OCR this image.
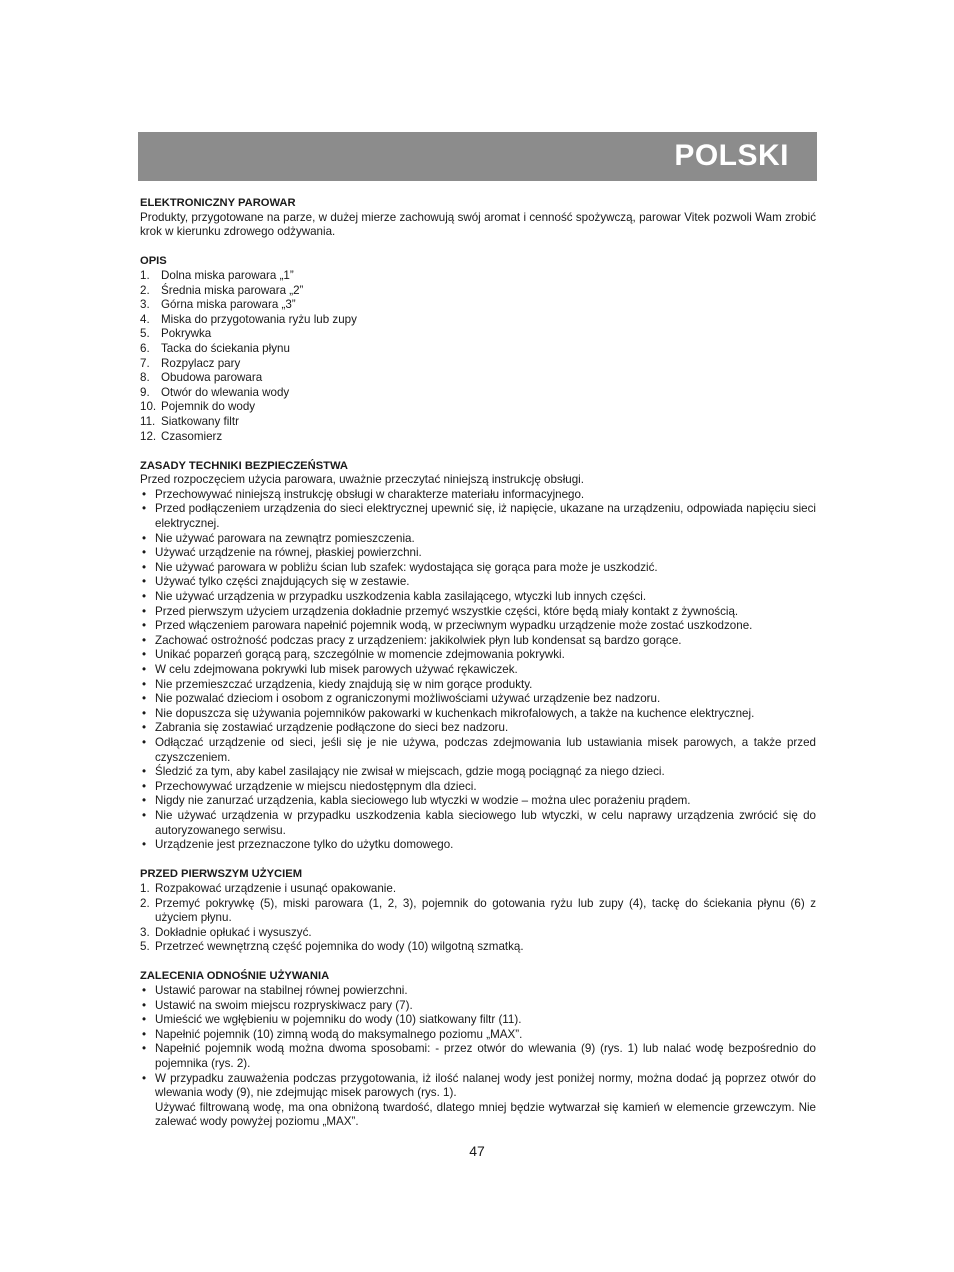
POLSKI
ELEKTRONICZNY PAROWAR

Produkty, przygotowane na parze, w dużej mierze zachowują swój aromat i cenność spożywczą, parowar Vitek pozwoli Wam zrobić krok w kierunku zdrowego odżywania.

OPIS
1. Dolna miska parowara „1”
2. Średnia miska parowara „2”
3. Górna miska parowara „3”
4. Miska do przygotowania ryżu lub zupy
5. Pokrywka
6. Tacka do ściekania płynu
7. Rozpylacz pary
8. Obudowa parowara
9. Otwór do wlewania wody
10. Pojemnik do wody
11. Siatkowany filtr
12. Czasomierz
ZASADY TECHNIKI BEZPIECZEŃSTWA

Przed rozpoczęciem użycia parowara, uważnie przeczytać niniejszą instrukcję obsługi.

• Przechowywać niniejszą instrukcję obsługi w charakterze materiału informacyjnego.
• Przed podłączeniem urządzenia do sieci elektrycznej upewnić się, iż napięcie, ukazane na urządzeniu, odpowiada napięciu sieci elektrycznej.
• Nie używać parowara na zewnątrz pomieszczenia.
• Używać urządzenie na równej, płaskiej powierzchni.
• Nie używać parowara w pobliżu ścian lub szafek: wydostająca się gorąca para może je uszkodzić.
• Używać tylko części znajdujących się w zestawie.
• Nie używać urządzenia w przypadku uszkodzenia kabla zasilającego, wtyczki lub innych części.
• Przed pierwszym użyciem urządzenia dokładnie przemyć wszystkie części, które będą miały kontakt z żywnością.
• Przed włączeniem parowara napełnić pojemnik wodą, w przeciwnym wypadku urządzenie może zostać uszkodzone.
• Zachować ostrożność podczas pracy z urządzeniem: jakikolwiek płyn lub kondensat są bardzo gorące.
• Unikać poparzeń gorącą parą, szczególnie w momencie zdejmowania pokrywki.
• W celu zdejmowana pokrywki lub misek parowych używać rękawiczek.
• Nie przemieszczać urządzenia, kiedy znajdują się w nim gorące produkty.
• Nie pozwalać dzieciom i osobom z ograniczonymi możliwościami używać urządzenie bez nadzoru.
• Nie dopuszcza się używania pojemników pakowarki w kuchenkach mikrofalowych, a także na kuchence elektrycznej.
• Zabrania się zostawiać urządzenie podłączone do sieci bez nadzoru.
• Odłączać urządzenie od sieci, jeśli się je nie używa, podczas zdejmowania lub ustawiania misek parowych, a także przed czyszczeniem.
• Śledzić za tym, aby kabel zasilający nie zwisał w miejscach, gdzie mogą pociągnąć za niego dzieci.
• Przechowywać urządzenie w miejscu niedostępnym dla dzieci.
• Nigdy nie zanurzać urządzenia, kabla sieciowego lub wtyczki w wodzie – można ulec porażeniu prądem.
• Nie używać urządzenia w przypadku uszkodzenia kabla sieciowego lub wtyczki, w celu naprawy urządzenia zwrócić się do autoryzowanego serwisu.
• Urządzenie jest przeznaczone tylko do użytku domowego.
PRZED PIERWSZYM UŻYCIEM
1. Rozpakować urządzenie i usunąć opakowanie.
2. Przemyć pokrywkę (5), miski parowara (1, 2, 3), pojemnik do gotowania ryżu lub zupy (4), tackę do ściekania płynu (6) z użyciem płynu.
3. Dokładnie opłukać i wysuszyć.
5. Przetrzeć wewnętrzną część pojemnika do wody (10) wilgotną szmatką.
ZALECENIA ODNOŚNIE UŻYWANIA
• Ustawić parowar na stabilnej równej powierzchni.
• Ustawić na swoim miejscu rozpryskiwacz pary (7).
• Umieścić we wgłębieniu w pojemniku do wody (10) siatkowany filtr (11).
• Napełnić pojemnik (10) zimną wodą do maksymalnego poziomu „MAX”.
• Napełnić pojemnik wodą można dwoma sposobami: - przez otwór do wlewania (9) (rys. 1) lub nalać wodę bezpośrednio do pojemnika (rys. 2).
• W przypadku zauważenia podczas przygotowania, iż ilość nalanej wody jest poniżej normy, można dodać ją poprzez otwór do wlewania wody (9), nie zdejmując misek parowych (rys. 1).
Używać filtrowaną wodę, ma ona obniżoną twardość, dlatego mniej będzie wytwarzał się kamień w elemencie grzewczym. Nie zalewać wody powyżej poziomu „MAX”.
47
